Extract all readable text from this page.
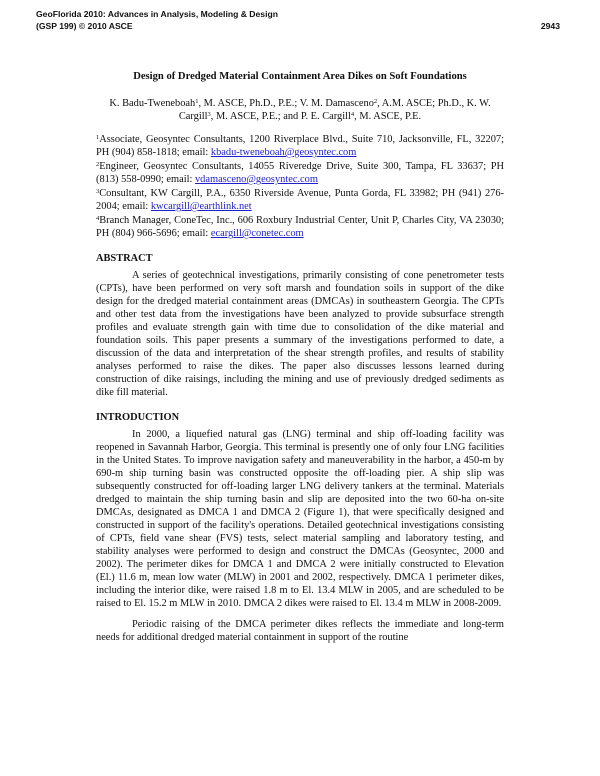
GeoFlorida 2010: Advances in Analysis, Modeling & Design
(GSP 199) © 2010 ASCE	2943
Design of Dredged Material Containment Area Dikes on Soft Foundations
K. Badu-Tweneboah$^1$, M. ASCE, Ph.D., P.E.; V. M. Damasceno$^2$, A.M. ASCE; Ph.D., K. W. Cargill$^3$, M. ASCE, P.E.; and P. E. Cargill$^4$, M. ASCE, P.E.
$^1$Associate, Geosyntec Consultants, 1200 Riverplace Blvd., Suite 710, Jacksonville, FL, 32207; PH (904) 858-1818; email: kbadu-tweneboah@geosyntec.com
$^2$Engineer, Geosyntec Consultants, 14055 Riveredge Drive, Suite 300, Tampa, FL 33637; PH (813) 558-0990; email: vdamasceno@geosyntec.com
$^3$Consultant, KW Cargill, P.A., 6350 Riverside Avenue, Punta Gorda, FL 33982; PH (941) 276-2004; email: kwcargill@earthlink.net
$^4$Branch Manager, ConeTec, Inc., 606 Roxbury Industrial Center, Unit P, Charles City, VA 23030; PH (804) 966-5696; email: ecargill@conetec.com
ABSTRACT

A series of geotechnical investigations, primarily consisting of cone penetrometer tests (CPTs), have been performed on very soft marsh and foundation soils in support of the dike design for the dredged material containment areas (DMCAs) in southeastern Georgia. The CPTs and other test data from the investigations have been analyzed to provide subsurface strength profiles and evaluate strength gain with time due to consolidation of the dike material and foundation soils. This paper presents a summary of the investigations performed to date, a discussion of the data and interpretation of the shear strength profiles, and results of stability analyses performed to raise the dikes. The paper also discusses lessons learned during construction of dike raisings, including the mining and use of previously dredged sediments as dike fill material.

INTRODUCTION

In 2000, a liquefied natural gas (LNG) terminal and ship off-loading facility was reopened in Savannah Harbor, Georgia. This terminal is presently one of only four LNG facilities in the United States. To improve navigation safety and maneuverability in the harbor, a 450-m by 690-m ship turning basin was constructed opposite the off-loading pier. A ship slip was subsequently constructed for off-loading larger LNG delivery tankers at the terminal. Materials dredged to maintain the ship turning basin and slip are deposited into the two 60-ha on-site DMCAs, designated as DMCA 1 and DMCA 2 (Figure 1), that were specifically designed and constructed in support of the facility's operations. Detailed geotechnical investigations consisting of CPTs, field vane shear (FVS) tests, select material sampling and laboratory testing, and stability analyses were performed to design and construct the DMCAs (Geosyntec, 2000 and 2002). The perimeter dikes for DMCA 1 and DMCA 2 were initially constructed to Elevation (El.) 11.6 m, mean low water (MLW) in 2001 and 2002, respectively. DMCA 1 perimeter dikes, including the interior dike, were raised 1.8 m to El. 13.4 MLW in 2005, and are scheduled to be raised to El. 15.2 m MLW in 2010. DMCA 2 dikes were raised to El. 13.4 m MLW in 2008-2009.

Periodic raising of the DMCA perimeter dikes reflects the immediate and long-term needs for additional dredged material containment in support of the routine
